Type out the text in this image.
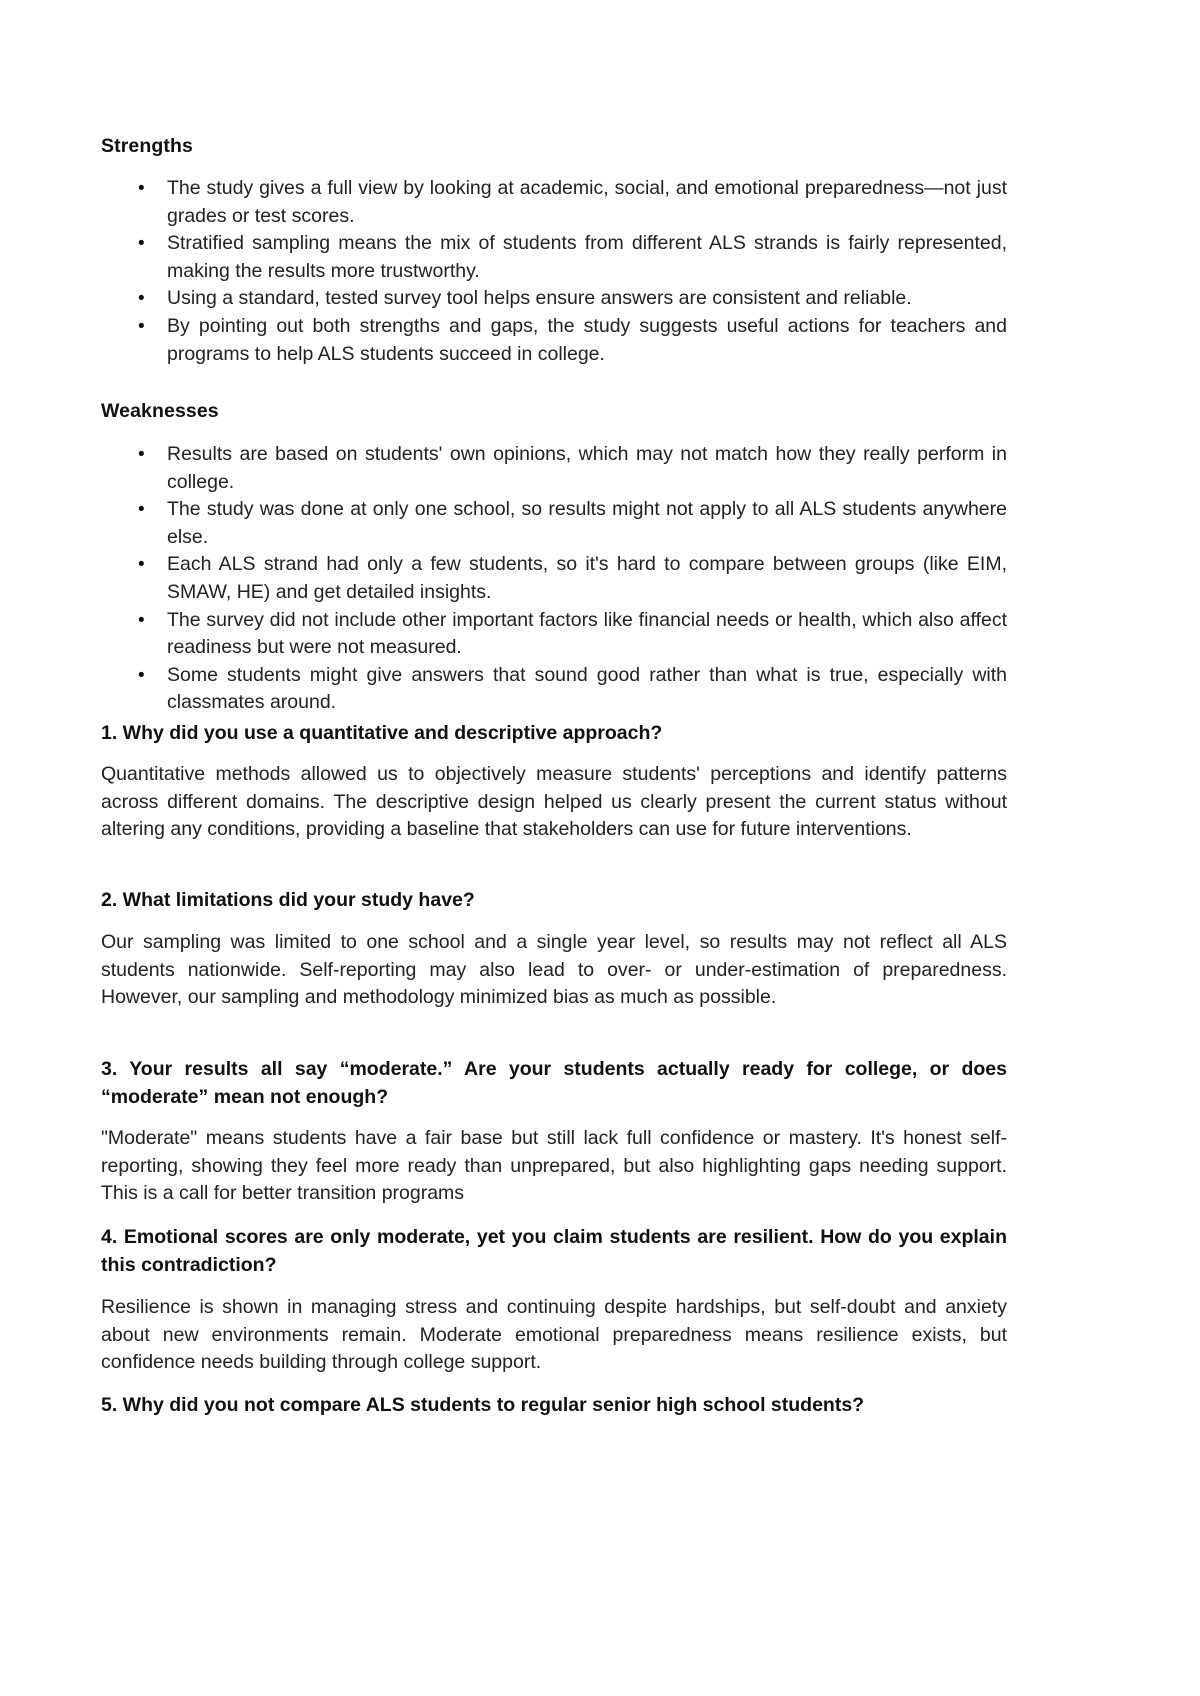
Strengths
• The study gives a full view by looking at academic, social, and emotional preparedness—not just grades or test scores.
• Stratified sampling means the mix of students from different ALS strands is fairly represented, making the results more trustworthy.
• Using a standard, tested survey tool helps ensure answers are consistent and reliable.
• By pointing out both strengths and gaps, the study suggests useful actions for teachers and programs to help ALS students succeed in college.
Weaknesses
• Results are based on students' own opinions, which may not match how they really perform in college.
• The study was done at only one school, so results might not apply to all ALS students anywhere else.
• Each ALS strand had only a few students, so it's hard to compare between groups (like EIM, SMAW, HE) and get detailed insights.
• The survey did not include other important factors like financial needs or health, which also affect readiness but were not measured.
• Some students might give answers that sound good rather than what is true, especially with classmates around.
1. Why did you use a quantitative and descriptive approach?
Quantitative methods allowed us to objectively measure students' perceptions and identify patterns across different domains. The descriptive design helped us clearly present the current status without altering any conditions, providing a baseline that stakeholders can use for future interventions.
2. What limitations did your study have?
Our sampling was limited to one school and a single year level, so results may not reflect all ALS students nationwide. Self-reporting may also lead to over- or under-estimation of preparedness. However, our sampling and methodology minimized bias as much as possible.
3. Your results all say “moderate.” Are your students actually ready for college, or does “moderate” mean not enough?
"Moderate" means students have a fair base but still lack full confidence or mastery. It's honest self-reporting, showing they feel more ready than unprepared, but also highlighting gaps needing support. This is a call for better transition programs
4. Emotional scores are only moderate, yet you claim students are resilient. How do you explain this contradiction?
Resilience is shown in managing stress and continuing despite hardships, but self-doubt and anxiety about new environments remain. Moderate emotional preparedness means resilience exists, but confidence needs building through college support.
5. Why did you not compare ALS students to regular senior high school students?
